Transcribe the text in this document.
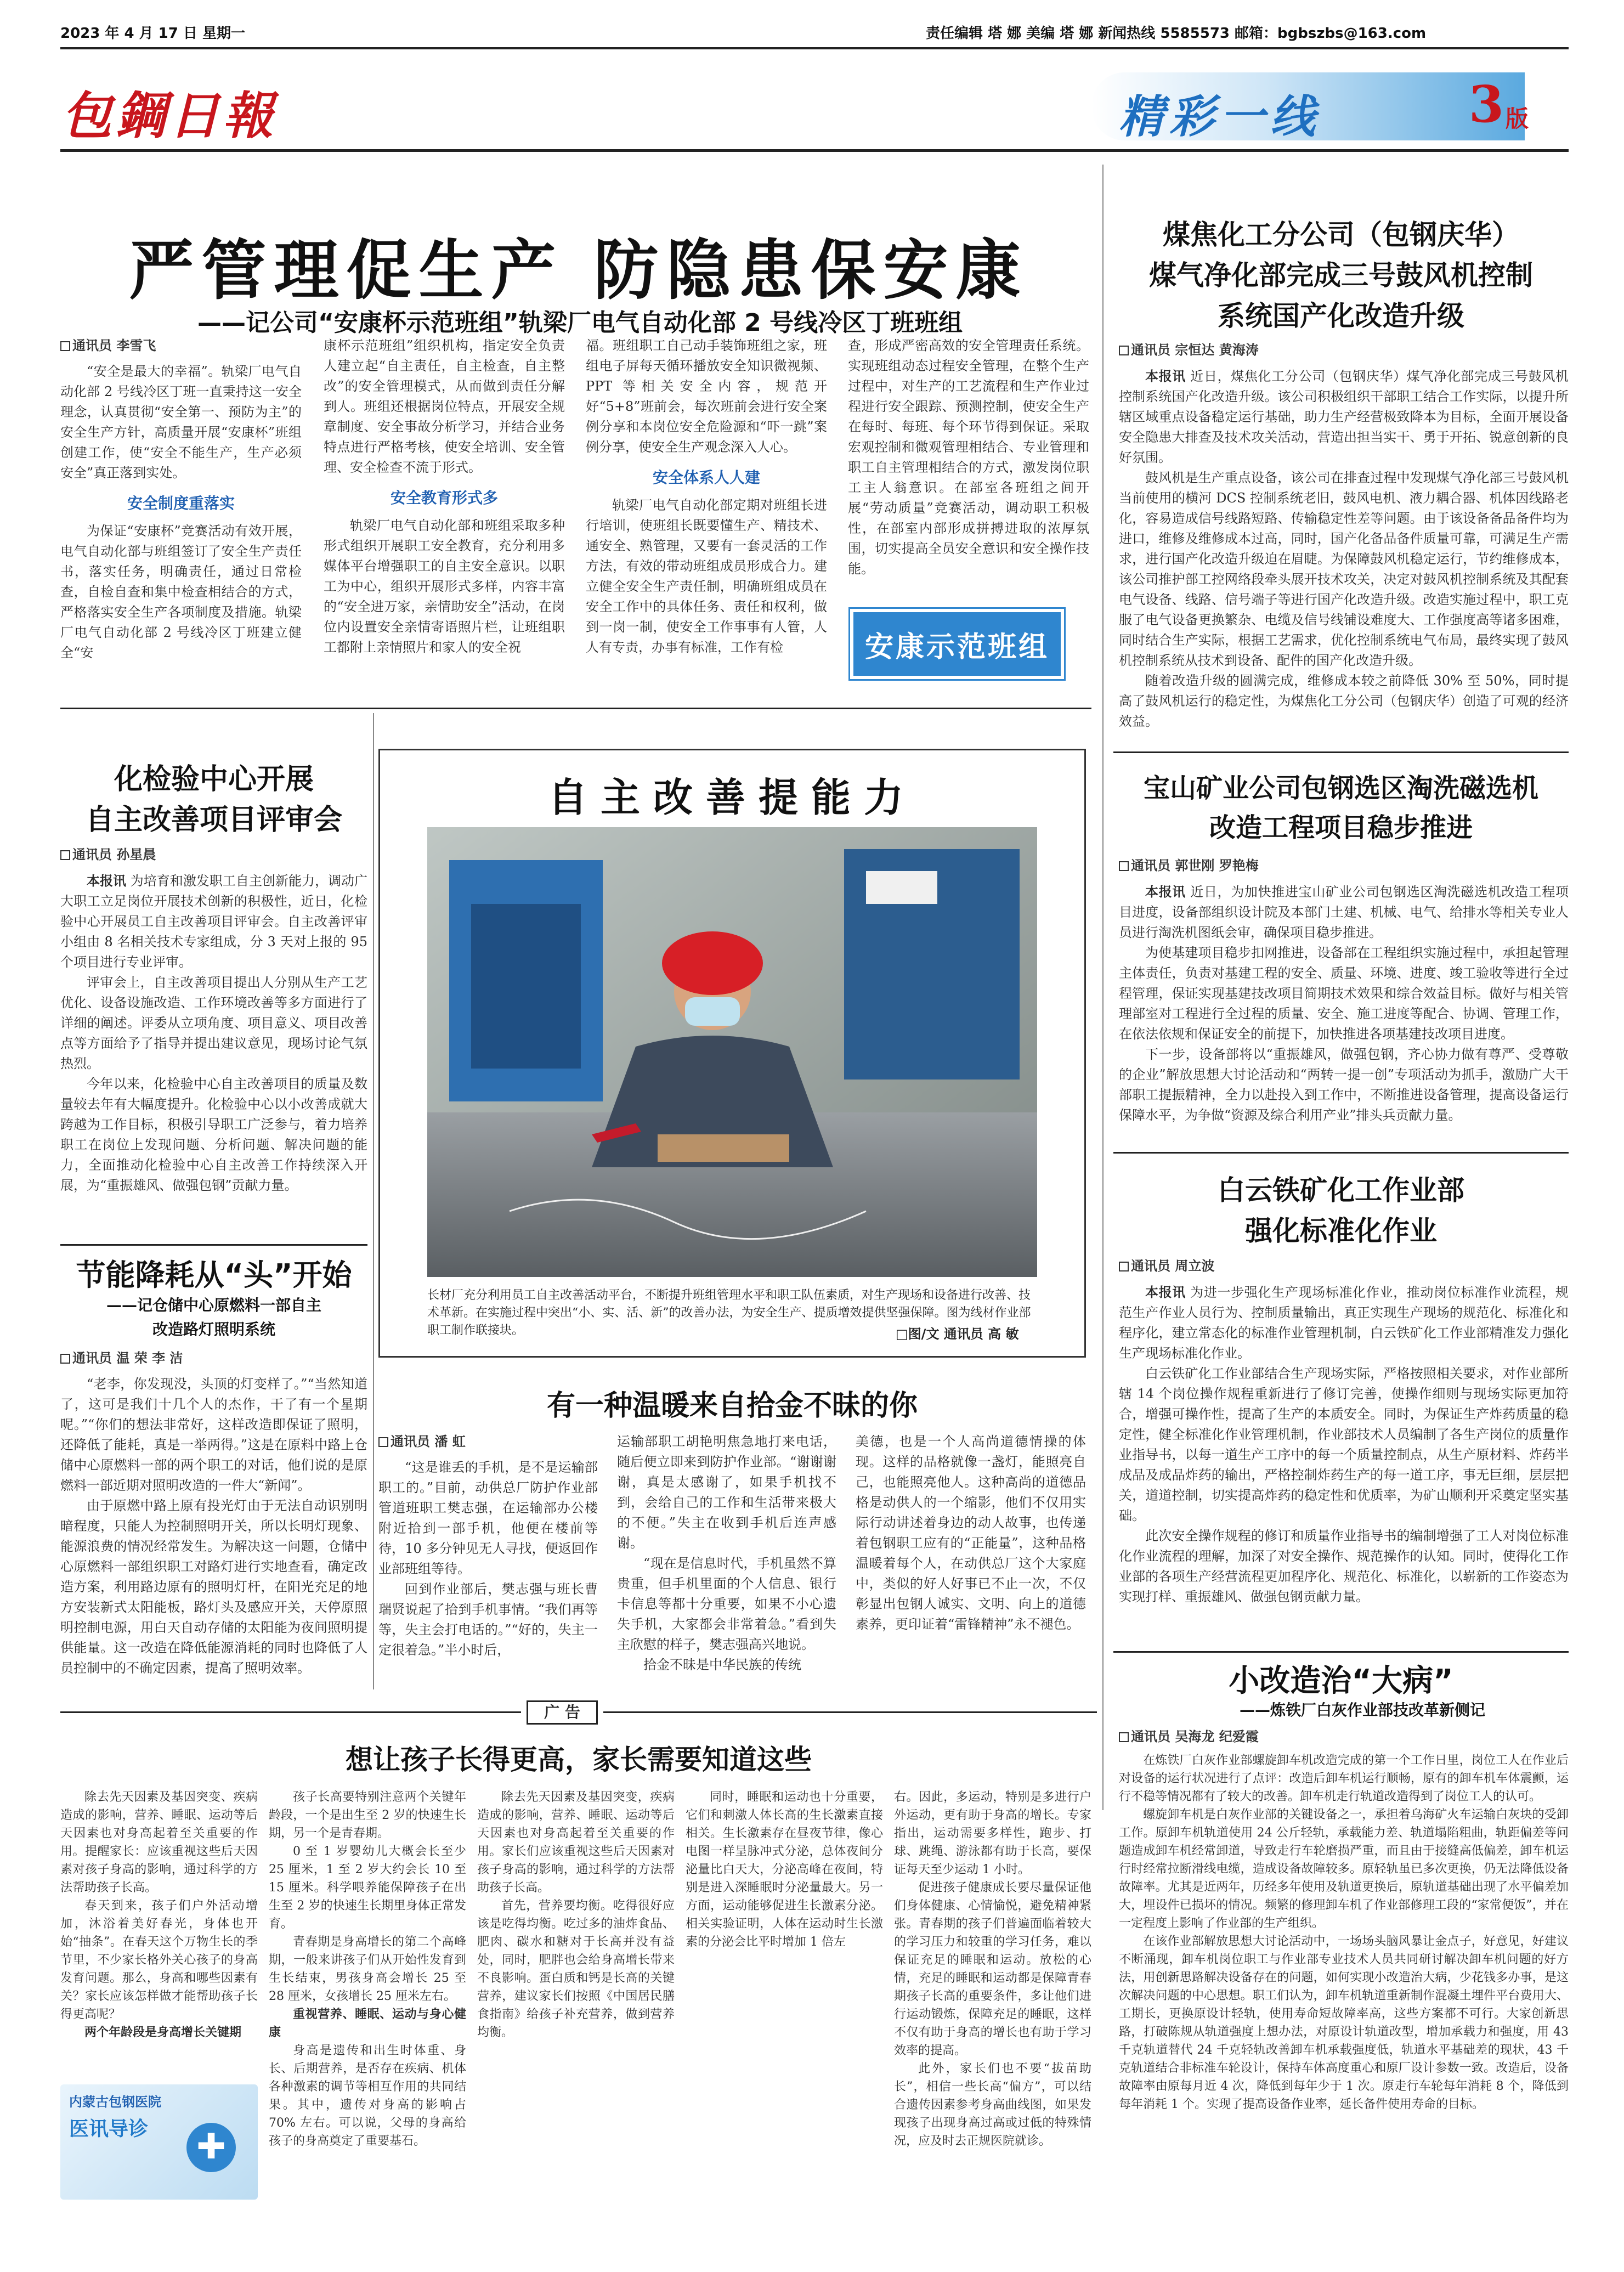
2023 年 4 月 17 日 星期一	责任编辑 塔 娜 美编 塔 娜 新闻热线 5585573 邮箱：bgbszbs@163.com
包鋼日報	精彩一线	3 版
严管理促生产 防隐患保安康
——记公司“安康杯示范班组”轨梁厂电气自动化部 2 号线冷区丁班班组
通讯员 李雪飞

“安全是最大的幸福”。轨梁厂电气自动化部 2 号线冷区丁班一直秉持这一安全理念，认真贯彻“安全第一、预防为主”的安全生产方针，高质量开展“安康杯”班组创建工作，使“安全不能生产，生产必须安全”真正落到实处。

安全制度重落实

为保证“安康杯”竞赛活动有效开展，电气自动化部与班组签订了安全生产责任书，落实任务，明确责任，通过日常检查，自检自查和集中检查相结合的方式，严格落实安全生产各项制度及措施。轨梁厂电气自动化部 2 号线冷区丁班建立健全“安

康杯示范班组”组织机构，指定安全负责人建立起“自主责任，自主检查，自主整改”的安全管理模式，从而做到责任分解到人。班组还根据岗位特点，开展安全规章制度、安全事故分析学习，并结合业务特点进行严格考核，使安全培训、安全管理、安全检查不流于形式。

安全教育形式多

轨梁厂电气自动化部和班组采取多种形式组织开展职工安全教育，充分利用多媒体平台增强职工的自主安全意识。以职工为中心，组织开展形式多样，内容丰富的“安全进万家，亲情助安全”活动，在岗位内设置安全亲情寄语照片栏，让班组职工都附上亲情照片和家人的安全祝

福。班组职工自己动手装饰班组之家，班组电子屏每天循环播放安全知识微视频、PPT 等相关安全内容，规范开好“5+8”班前会，每次班前会进行安全案例分享和本岗位安全危险源和“吓一跳”案例分享，使安全生产观念深入人心。

安全体系人人建

轨梁厂电气自动化部定期对班组长进行培训，使班组长既要懂生产、精技术、通安全、熟管理，又要有一套灵活的工作方法，有效的带动班组成员形成合力。建立健全安全生产责任制，明确班组成员在安全工作中的具体任务、责任和权利，做到一岗一制，使安全工作事事有人管，人人有专责，办事有标准，工作有检

查，形成严密高效的安全管理责任系统。实现班组动态过程安全管理，在整个生产过程中，对生产的工艺流程和生产作业过程进行安全跟踪、预测控制，使安全生产在每时、每班、每个环节得到保证。采取宏观控制和微观管理相结合、专业管理和职工自主管理相结合的方式，激发岗位职工主人翁意识。在部室各班组之间开展“劳动质量”竞赛活动，调动职工积极性，在部室内部形成拼搏进取的浓厚氛围，切实提高全员安全意识和安全操作技能。

安康示范班组
煤焦化工分公司（包钢庆华）
煤气净化部完成三号鼓风机控制
系统国产化改造升级
通讯员 宗恒达 黄海涛

本报讯 近日，煤焦化工分公司（包钢庆华）煤气净化部完成三号鼓风机控制系统国产化改造升级。该公司积极组织干部职工结合工作实际，以提升所辖区域重点设备稳定运行基础，助力生产经营极致降本为目标，全面开展设备安全隐患大排查及技术攻关活动，营造出担当实干、勇于开拓、锐意创新的良好氛围。

鼓风机是生产重点设备，该公司在排查过程中发现煤气净化部三号鼓风机当前使用的横河 DCS 控制系统老旧，鼓风电机、液力耦合器、机体因线路老化，容易造成信号线路短路、传输稳定性差等问题。由于该设备备品备件均为进口，维修及维修成本过高，同时，国产化备品备件质量可靠，可满足生产需求，进行国产化改造升级迫在眉睫。为保障鼓风机稳定运行，节约维修成本，该公司推护部工控网络段牵头展开技术攻关，决定对鼓风机控制系统及其配套电气设备、线路、信号端子等进行国产化改造升级。改造实施过程中，职工克服了电气设备更换繁杂、电缆及信号线铺设难度大、工作强度高等诸多困难，同时结合生产实际，根据工艺需求，优化控制系统电气布局，最终实现了鼓风机控制系统从技术到设备、配件的国产化改造升级。

随着改造升级的圆满完成，维修成本较之前降低 30% 至 50%，同时提高了鼓风机运行的稳定性，为煤焦化工分公司（包钢庆华）创造了可观的经济效益。

化检验中心开展
自主改善项目评审会
通讯员 孙星晨

本报讯 为培育和激发职工自主创新能力，调动广大职工立足岗位开展技术创新的积极性，近日，化检验中心开展员工自主改善项目评审会。自主改善评审小组由 8 名相关技术专家组成，分 3 天对上报的 95 个项目进行专业评审。

评审会上，自主改善项目提出人分别从生产工艺优化、设备设施改造、工作环境改善等多方面进行了详细的阐述。评委从立项角度、项目意义、项目改善点等方面给予了指导并提出建议意见，现场讨论气氛热烈。

今年以来，化检验中心自主改善项目的质量及数量较去年有大幅度提升。化检验中心以小改善成就大跨越为工作目标，积极引导职工广泛参与，着力培养职工在岗位上发现问题、分析问题、解决问题的能力，全面推动化检验中心自主改善工作持续深入开展，为“重振雄风、做强包钢”贡献力量。

节能降耗从“头”开始
——记仓储中心原燃料一部自主
改造路灯照明系统
通讯员 温 荣 李 洁

“老李，你发现没，头顶的灯变样了。”“当然知道了，这可是我们十几个人的杰作，干了有一个星期呢。”“你们的想法非常好，这样改造即保证了照明，还降低了能耗，真是一举两得。”这是在原料中路上仓储中心原燃料一部的两个职工的对话，他们说的是原燃料一部近期对照明改造的一件大“新闻”。

由于原燃中路上原有投光灯由于无法自动识别明暗程度，只能人为控制照明开关，所以长明灯现象、能源浪费的情况经常发生。为解决这一问题，仓储中心原燃料一部组织职工对路灯进行实地查看，确定改造方案，利用路边原有的照明灯杆，在阳光充足的地方安装新式太阳能板，路灯头及感应开关，天停原照明控制电源，用白天自动存储的太阳能为夜间照明提供能量。这一改造在降低能源消耗的同时也降低了人员控制中的不确定因素，提高了照明效率。

自主改善提能力
长材厂充分利用员工自主改善活动平台，不断提升班组管理水平和职工队伍素质，对生产现场和设备进行改善、技术革新。在实施过程中突出“小、实、活、新”的改善办法，为安全生产、提质增效提供坚强保障。图为线材作业部职工制作联接块。	□图/文 通讯员 高 敏
有一种温暖来自拾金不昧的你
通讯员 潘 虹

“这是谁丢的手机，是不是运输部职工的。”目前，动供总厂防护作业部管道班职工樊志强，在运输部办公楼附近拾到一部手机，他便在楼前等待，10 多分钟见无人寻找，便返回作业部班组等待。

回到作业部后，樊志强与班长曹瑞贤说起了拾到手机事情。“我们再等等，失主会打电话的。”“好的，失主一定很着急。”半小时后，

运输部职工胡艳明焦急地打来电话，随后便立即来到防护作业部。“谢谢谢谢，真是太感谢了，如果手机找不到，会给自己的工作和生活带来极大的不便。”失主在收到手机后连声感谢。

“现在是信息时代，手机虽然不算贵重，但手机里面的个人信息、银行卡信息等都十分重要，如果不小心遗失手机，大家都会非常着急。”看到失主欣慰的样子，樊志强高兴地说。

拾金不昧是中华民族的传统

美德，也是一个人高尚道德情操的体现。这样的品格就像一盏灯，能照亮自己，也能照亮他人。这种高尚的道德品格是动供人的一个缩影，他们不仅用实际行动讲述着身边的动人故事，也传递着包钢职工应有的“正能量”，这种品格温暖着每个人，在动供总厂这个大家庭中，类似的好人好事已不止一次，不仅彰显出包钢人诚实、文明、向上的道德素养，更印证着“雷锋精神”永不褪色。

宝山矿业公司包钢选区淘洗磁选机
改造工程项目稳步推进
通讯员 郭世刚 罗艳梅

本报讯 近日，为加快推进宝山矿业公司包钢选区淘洗磁选机改造工程项目进度，设备部组织设计院及本部门土建、机械、电气、给排水等相关专业人员进行淘洗机图纸会审，确保项目稳步推进。

为使基建项目稳步扣网推进，设备部在工程组织实施过程中，承担起管理主体责任，负责对基建工程的安全、质量、环境、进度、竣工验收等进行全过程管理，保证实现基建技改项目简期技术效果和综合效益目标。做好与相关管理部室对工程进行全过程的质量、安全、施工进度等配合、协调、管理工作，在依法依规和保证安全的前提下，加快推进各项基建技改项目进度。

下一步，设备部将以“重振雄风，做强包钢，齐心协力做有尊严、受尊敬的企业”解放思想大讨论活动和“两转一提一创”专项活动为抓手，激励广大干部职工提振精神，全力以赴投入到工作中，不断推进设备管理，提高设备运行保障水平，为争做“资源及综合利用产业”排头兵贡献力量。

白云铁矿化工作业部
强化标准化作业
通讯员 周立波

本报讯 为进一步强化生产现场标准化作业，推动岗位标准作业流程，规范生产作业人员行为、控制质量输出，真正实现生产现场的规范化、标准化和程序化，建立常态化的标准作业管理机制，白云铁矿化工作业部精准发力强化生产现场标准化作业。

白云铁矿化工作业部结合生产现场实际，严格按照相关要求，对作业部所辖 14 个岗位操作规程重新进行了修订完善，使操作细则与现场实际更加符合，增强可操作性，提高了生产的本质安全。同时，为保证生产炸药质量的稳定性，健全标准化作业管理机制，作业部技术人员编制了各生产岗位的质量作业指导书，以每一道生产工序中的每一个质量控制点，从生产原材料、炸药半成品及成品炸药的输出，严格控制炸药生产的每一道工序，事无巨细，层层把关，道道控制，切实提高炸药的稳定性和优质率，为矿山顺利开采奠定坚实基础。

此次安全操作规程的修订和质量作业指导书的编制增强了工人对岗位标准化作业流程的理解，加深了对安全操作、规范操作的认知。同时，使得化工作业部的各项生产经营流程更加程序化、规范化、标准化，以崭新的工作姿态为实现打样、重振雄风、做强包钢贡献力量。

小改造治“大病”
——炼铁厂白灰作业部技改革新侧记
通讯员 吴海龙 纪爱霞

在炼铁厂白灰作业部螺旋卸车机改造完成的第一个工作日里，岗位工人在作业后对设备的运行状况进行了点评：改造后卸车机运行顺畅，原有的卸车机车体震颤，运行不稳等情况都有了较大的改善。卸车机走行轨道改造得到了岗位工人的认可。

螺旋卸车机是白灰作业部的关键设备之一，承担着乌海矿火车运输白灰块的受卸工作。原卸车机轨道使用 24 公斤轻轨，承载能力差、轨道塌陷粗曲，轨距偏差等问题造成卸车机经常卸道，导致走行车轮磨损严重，而且由于接缝高低偏差，卸车机运行时经常拉断滑线电缆，造成设备故障较多。原轻轨虽已多次更换，仍无法降低设备故障率。尤其是近两年，历经多年使用及轨道更换后，原轨道基础出现了水平偏差加大，埋设件已损坏的情况。频繁的修理卸车机了作业部修理工段的“家常便饭”，并在一定程度上影响了作业部的生产组织。

在该作业部解放思想大讨论活动中，一场场头脑风暴让金点子，好意见，好建议不断涌现，卸车机岗位职工与作业部专业技术人员共同研讨解决卸车机问题的好方法，用创新思路解决设备存在的问题，如何实现小改造治大病，少花钱多办事，是这次解决问题的中心思想。职工们认为，卸车机轨道重新制作混凝土埋件平台费用大、工期长，更换原设计轻轨，使用寿命短故障率高，这些方案都不可行。大家创新思路，打破陈规从轨道强度上想办法，对原设计轨道改型，增加承载力和强度，用 43 千克轨道替代 24 千克轻轨改善卸车机承载强度低，轨道水平基础差的现状，43 千克轨道结合非标准车轮设计，保持车体高度重心和原厂设计参数一致。改造后，设备故障率由原每月近 4 次，降低到每年少于 1 次。原走行车轮每年消耗 8 个，降低到每年消耗 1 个。实现了提高设备作业率，延长备件使用寿命的目标。

广 告
想让孩子长得更高，家长需要知道这些

除去先天因素及基因突变、疾病造成的影响，营养、睡眠、运动等后天因素也对身高起着至关重要的作用。提醒家长：应该重视这些后天因素对孩子身高的影响，通过科学的方法帮助孩子长高。

春天到来，孩子们户外活动增加，沐浴着美好春光，身体也开始“抽条”。在春天这个万物生长的季节里，不少家长格外关心孩子的身高发育问题。那么，身高和哪些因素有关？家长应该怎样做才能帮助孩子长得更高呢？

两个年龄段是身高增长关键期

内蒙古包钢医院
医讯导诊 ✚

孩子长高要特别注意两个关键年龄段，一个是出生至 2 岁的快速生长期，另一个是青春期。

0 至 1 岁婴幼儿大概会长至少 25 厘米，1 至 2 岁大约会长 10 至 15 厘米。科学喂养能保障孩子在出生至 2 岁的快速生长期里身体正常发育。

青春期是身高增长的第二个高峰期，一般来讲孩子们从开始性发育到生长结束，男孩身高会增长 25 至 28 厘米，女孩增长 25 厘米左右。

重视营养、睡眠、运动与身心健康

身高是遗传和出生时体重、身长、后期营养，是否存在疾病、机体各种激素的调节等相互作用的共同结果。其中，遗传对身高的影响占 70% 左右。可以说，父母的身高给孩子的身高奠定了重要基石。

除去先天因素及基因突变，疾病造成的影响，营养、睡眠、运动等后天因素也对身高起着至关重要的作用。家长们应该重视这些后天因素对孩子身高的影响，通过科学的方法帮助孩子长高。

首先，营养要均衡。吃得很好应该是吃得均衡。吃过多的油炸食品、肥肉、碳水和糖对于长高并没有益处，同时，肥胖也会给身高增长带来不良影响。蛋白质和钙是长高的关键营养，建议家长们按照《中国居民膳食指南》给孩子补充营养，做到营养均衡。

同时，睡眠和运动也十分重要，它们和刺激人体长高的生长激素直接相关。生长激素存在昼夜节律，像心电图一样呈脉冲式分泌，总体夜间分泌量比白天大，分泌高峰在夜间，特别是进入深睡眠时分泌量最大。另一方面，运动能够促进生长激素分泌。相关实验证明，人体在运动时生长激素的分泌会比平时增加 1 倍左

右。因此，多运动，特别是多进行户外运动，更有助于身高的增长。专家指出，运动需要多样性，跑步、打球、跳绳、游泳都有助于长高，要保证每天至少运动 1 小时。

促进孩子健康成长要尽量保证他们身体健康、心情愉悦，避免精神紧张。青春期的孩子们普遍面临着较大的学习压力和较重的学习任务，难以保证充足的睡眠和运动。放松的心情，充足的睡眠和运动都是保障青春期孩子长高的重要条件，多让他们进行运动锻炼，保障充足的睡眠，这样不仅有助于身高的增长也有助于学习效率的提高。

此外，家长们也不要“拔苗助长”，相信一些长高“偏方”，可以结合遗传因素参考身高曲线图，如果发现孩子出现身高过高或过低的特殊情况，应及时去正规医院就诊。
